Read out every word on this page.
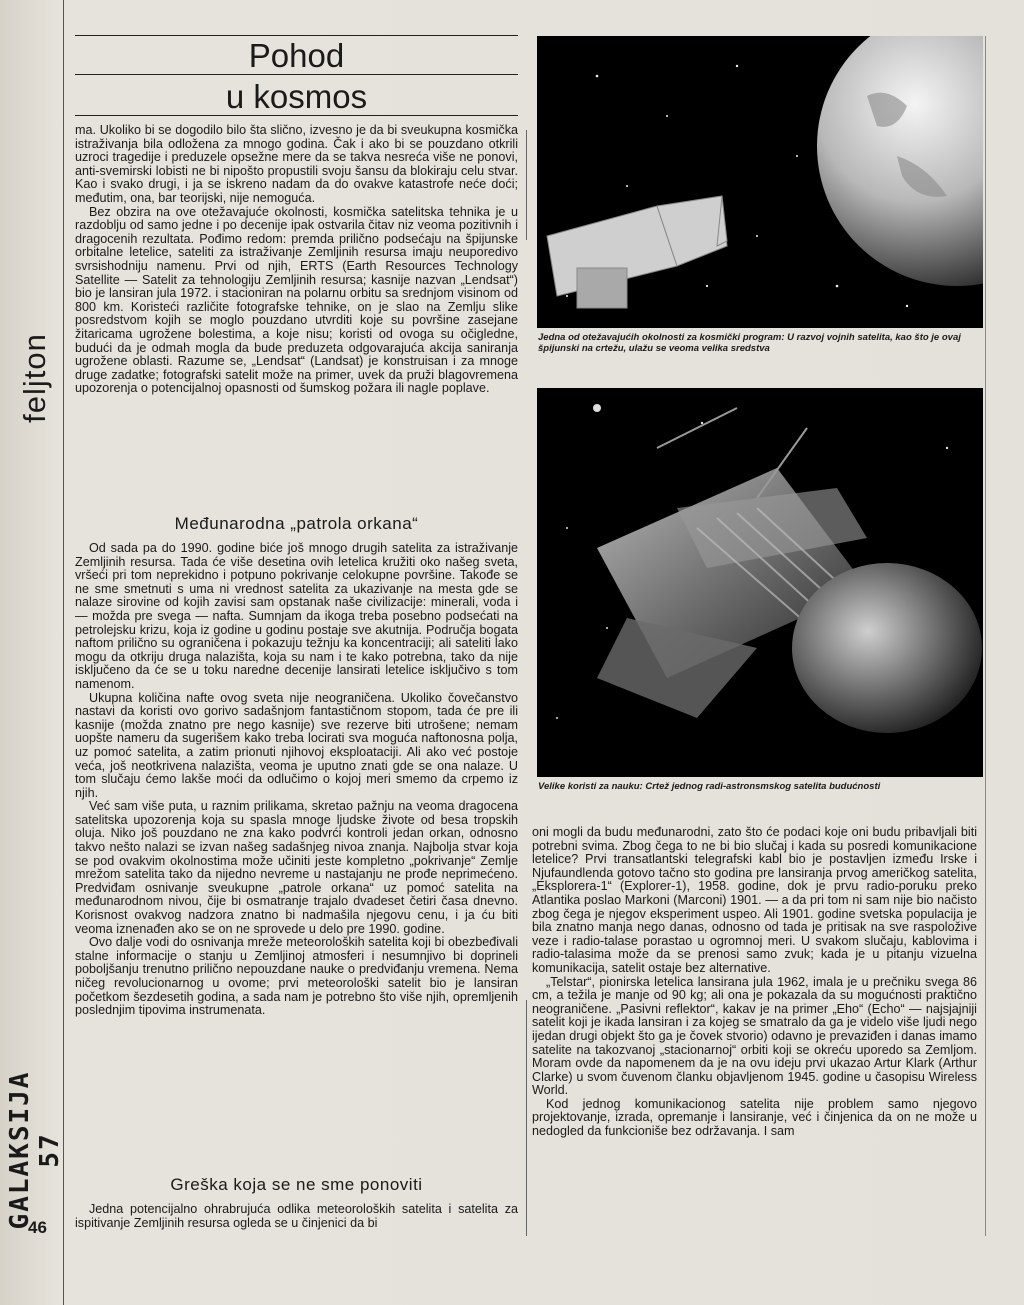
feljton
GALAKSIJA 57
46
Pohod
u kosmos

ma. Ukoliko bi se dogodilo bilo šta slično, izvesno je da bi sveukupna kosmička istraživanja bila odložena za mnogo godina. Čak i ako bi se pouzdano otkrili uzroci tragedije i preduzele opsežne mere da se takva nesreća više ne ponovi, anti-svemirski lobisti ne bi nipošto propustili svoju šansu da blokiraju celu stvar. Kao i svako drugi, i ja se iskreno nadam da do ovakve katastrofe neće doći; međutim, ona, bar teorijski, nije nemoguća.

Bez obzira na ove otežavajuće okolnosti, kosmička satelitska tehnika je u razdoblju od samo jedne i po decenije ipak ostvarila čitav niz veoma pozitivnih i dragocenih rezultata. Pođimo redom: premda prilično podsećaju na špijunske orbitalne letelice, sateliti za istraživanje Zemljinih resursa imaju neuporedivo svrsishodniju namenu. Prvi od njih, ERTS (Earth Resources Technology Satellite — Satelit za tehnologiju Zemljinih resursa; kasnije nazvan „Lendsat“) bio je lansiran jula 1972. i stacioniran na polarnu orbitu sa srednjom visinom od 800 km. Koristeći različite fotografske tehnike, on je slao na Zemlju slike posredstvom kojih se moglo pouzdano utvrditi koje su površine zasejane žitaricama ugrožene bolestima, a koje nisu; koristi od ovoga su očigledne, budući da je odmah mogla da bude preduzeta odgovarajuća akcija saniranja ugroženе oblasti. Razume se, „Lendsat“ (Landsat) je konstruisan i za mnoge druge zadatke; fotografski satelit može na primer, uvek da pruži blagovremena upozorenja o potencijalnoj opasnosti od šumskog požara ili nagle poplave.

Međunarodna „patrola orkana“

Od sada pa do 1990. godine biće još mnogo drugih satelita za istraživanje Zemljinih resursa. Tada će više desetina ovih letelica kružiti oko našeg sveta, vršeći pri tom neprekidno i potpuno pokrivanje celokupne površine. Takođe se ne sme smetnuti s uma ni vrednost satelita za ukazivanje na mesta gde se nalaze sirovine od kojih zavisi sam opstanak naše civilizacije: minerali, voda i — možda pre svega — nafta. Sumnjam da ikoga treba posebno podsećati na petrolejsku krizu, koja iz godine u godinu postaje sve akutnija. Područja bogata naftom prilično su ograničena i pokazuju težnju ka koncentraciji; ali sateliti lako mogu da otkriju druga nalazišta, koja su nam i te kako potrebna, tako da nije isključeno da će se u toku naredne decenije lansirati letelice isključivo s tom namenom.

Ukupna količina nafte ovog sveta nije neograničena. Ukoliko čovečanstvo nastavi da koristi ovo gorivo sadašnjom fantastičnom stopom, tada će pre ili kasnije (možda znatno pre nego kasnije) sve rezerve biti utrošene; nemam uopšte nameru da sugerišem kako treba locirati sva moguća naftonosna polja, uz pomoć satelita, a zatim prionuti njihovoj eksploataciji. Ali ako već postoje veća, još neotkrivena nalazišta, veoma je uputno znati gde se ona nalaze. U tom slučaju ćemo lakše moći da odlučimo o kojoj meri smemo da crpemo iz njih.

Već sam više puta, u raznim prilikama, skretao pažnju na veoma dragocena satelitska upozorenja koja su spasla mnoge ljudske živote od besa tropskih oluja. Niko još pouzdano ne zna kako podvrći kontroli jedan orkan, odnosno takvo nešto nalazi se izvan našeg sadašnjeg nivoa znanja. Najbolja stvar koja se pod ovakvim okolnostima može učiniti jeste kompletno „pokrivanje“ Zemlje mrežom satelita tako da nijedno nevreme u nastajanju ne prođe neprimećeno. Predviđam osnivanje sveukupne „patrole orkana“ uz pomoć satelita na međunarodnom nivou, čije bi osmatranje trajalo dvadeset četiri časa dnevno. Korisnost ovakvog nadzora znatno bi nadmašila njegovu cenu, i ja ću biti veoma iznenađen ako se on ne sprovede u delo pre 1990. godine.

Ovo dalje vodi do osnivanja mreže meteoroloških satelita koji bi obezbeđivali stalne informacije o stanju u Zemljinoj atmosferi i nesumnjivo bi doprineli poboljšanju trenutno prilično nepouzdane nauke o predviđanju vremena. Nema ničeg revolucionarnog u ovome; prvi meteorološki satelit bio je lansiran početkom šezdesetih godina, a sada nam je potrebno što više njih, opremljenih poslednjim tipovima instrumenata.

Greška koja se ne sme ponoviti

Jedna potencijalno ohrabrujuća odlika meteoroloških satelita i satelita za ispitivanje Zemljinih resursa ogleda se u činjenici da bi

Jedna od otežavajućih okolnosti za kosmički program: U razvoj vojnih satelita, kao što je ovaj špijunski na crtežu, ulažu se veoma velika sredstva
Velike koristi za nauku: Crtež jednog radi-astronsmskog satelita budućnosti

oni mogli da budu međunarodni, zato što će podaci koje oni budu pribavljali biti potrebni svima. Zbog čega to ne bi bio slučaj i kada su posredi komunikacione letelice? Prvi transatlantski telegrafski kabl bio je postavljen između Irske i Njufaundlenda gotovo tačno sto godina pre lansiranja prvog američkog satelita, „Eksplorera-1“ (Explorer-1), 1958. godine, dok je prvu radio-poruku preko Atlantika poslao Markoni (Marconi) 1901. — a da pri tom ni sam nije bio načisto zbog čega je njegov eksperiment uspeo. Ali 1901. godine svetska populacija je bila znatno manja nego danas, odnosno od tada je pritisak na sve raspoložive veze i radio-talase porastao u ogromnoj meri. U svakom slučaju, kablovima i radio-talasima može da se prenosi samo zvuk; kada je u pitanju vizuelna komunikacija, satelit ostaje bez alternative.

„Telstar“, pionirska letelica lansirana jula 1962, imala je u prečniku svega 86 cm, a težila je manje od 90 kg; ali ona je pokazala da su mogućnosti praktično neograničene. „Pasivni reflektor“, kakav je na primer „Eho“ (Echo“ — najsjajniji satelit koji je ikada lansiran i za kojeg se smatralo da ga je videlo više ljudi nego ijedan drugi objekt što ga je čovek stvorio) odavno je prevaziđen i danas imamo satelite na takozvanoj „stacionarnoj“ orbiti koji se okreću uporedo sa Zemljom. Moram ovde da napomenem da je na ovu ideju prvi ukazao Artur Klark (Arthur Clarke) u svom čuvenom članku objavljenom 1945. godine u časopisu Wireless World.

Kod jednog komunikacionog satelita nije problem samo njegovo projektovanje, izrada, opremanje i lansiranje, već i činjenica da on ne može u nedogled da funkcioniše bez održavanja. I sam
